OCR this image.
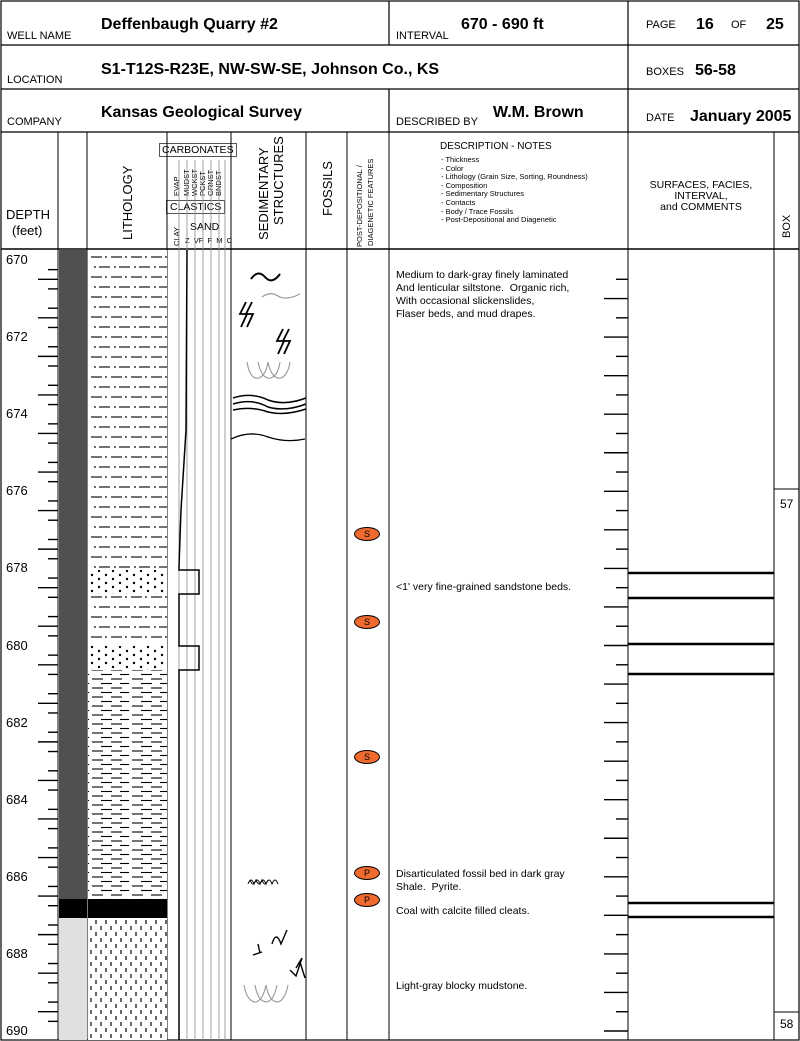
WELL NAME
Deffenbaugh Quarry #2
INTERVAL
670 - 690 ft	PAGE 16 OF 25
LOCATION
S1-T12S-R23E, NW-SW-SE, Johnson Co., KS	BOXES 56-58
COMPANY
Kansas Geological Survey
DESCRIBED BY
W.M. Brown	DATE January 2005
DEPTH
(feet)	LITHOLOGY
CARBONATES
EVAP MUDST WCKST PCKST GRNST BNDST
CLASTICS
CLAY SAND
Z  VF  F  M  C
SEDIMENTARY STRUCTURES	FOSSILS	POST-DEPOSITIONAL / DIAGENETIC FEATURES
DESCRIPTION - NOTES
- Thickness
- Color
- Lithology (Grain Size, Sorting, Roundness)
- Composition
- Sedimentary Structures
- Contacts
- Body / Trace Fossils
- Post-Depositional and Diagenetic
SURFACES, FACIES,
INTERVAL,
and COMMENTS
BOX
670
672
674
676
678
680
682
684
686
688
690
Medium to dark-gray finely laminated
And lenticular siltstone.  Organic rich,
With occasional slickenslides,
Flaser beds, and mud drapes.
<1' very fine-grained sandstone beds.
Disarticulated fossil bed in dark gray
Shale.  Pyrite.
Coal with calcite filled cleats.
Light-gray blocky mudstone.
S
S
S
P
P
57
58
